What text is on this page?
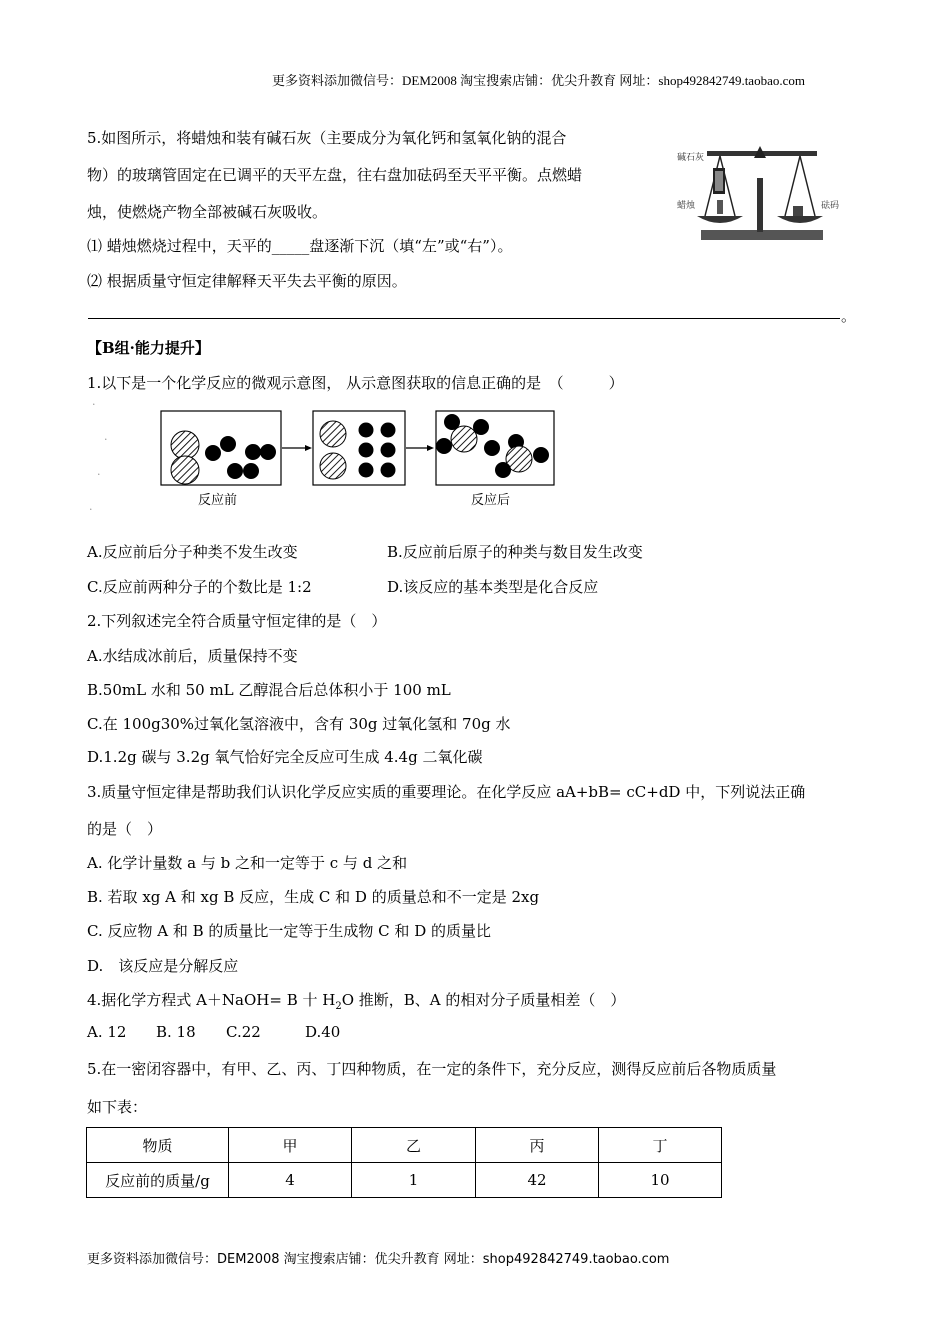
更多资料添加微信号：DEM2008 淘宝搜索店铺：优尖升教育 网址：shop492842749.taobao.com
5.如图所示，将蜡烛和装有碱石灰（主要成分为氧化钙和氢氧化钠的混合
物）的玻璃管固定在已调平的天平左盘，往右盘加砝码至天平平衡。点燃蜡
烛，使燃烧产物全部被碱石灰吸收。
⑴ 蜡烛燃烧过程中，天平的_____盘逐渐下沉（填“左”或“右”）。
⑵ 根据质量守恒定律解释天平失去平衡的原因。
。
碱石灰
蜡烛	砝码
【B组·能力提升】
1.以下是一个化学反应的微观示意图， 从示意图获取的信息正确的是　（　　　）
反应前	反应后
.
.
.
.
A.反应前后分子种类不发生改变	B.反应前后原子的种类与数目发生改变
C.反应前两种分子的个数比是 1:2	D.该反应的基本类型是化合反应
2.下列叙述完全符合质量守恒定律的是（　）
A.水结成冰前后，质量保持不变
B.50mL 水和 50 mL 乙醇混合后总体积小于 100 mL
C.在 100g30%过氧化氢溶液中，含有 30g 过氧化氢和 70g 水
D.1.2g 碳与 3.2g 氧气恰好完全反应可生成 4.4g 二氧化碳
3.质量守恒定律是帮助我们认识化学反应实质的重要理论。在化学反应 aA+bB= cC+dD 中，下列说法正确
的是（　）
A. 化学计量数 a 与 b 之和一定等于 c 与 d 之和
B. 若取 xg A 和 xg B 反应，生成 C 和 D 的质量总和不一定是 2xg
C. 反应物 A 和 B 的质量比一定等于生成物 C 和 D 的质量比
D.　该反应是分解反应
4.据化学方程式 A＋NaOH= B 十 $H_2O$ 推断，B、A 的相对分子质量相差（　）
A. 12 B. 18 C.22	D.40
5.在一密闭容器中，有甲、乙、丙、丁四种物质，在一定的条件下，充分反应，测得反应前后各物质质量
如下表：
物质	甲	乙	丙	丁
反应前的质量/g	4	1	42	10
更多资料添加微信号：DEM2008 淘宝搜索店铺：优尖升教育 网址：shop492842749.taobao.com
